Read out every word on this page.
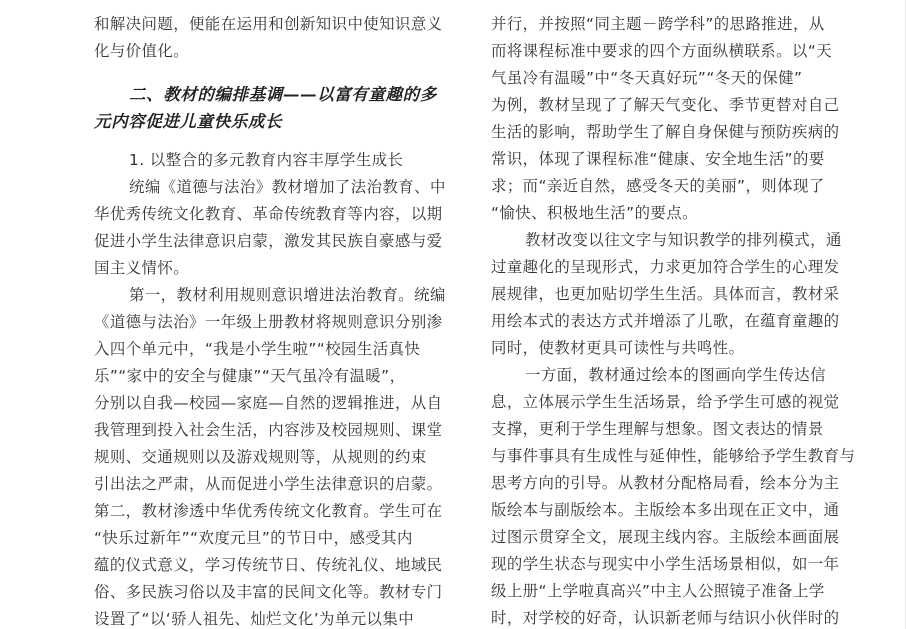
和解决问题，便能在运用和创新知识中使知识意义
化与价值化。
二、教材的编排基调——以富有童趣的多
元内容促进儿童快乐成长
1. 以整合的多元教育内容丰厚学生成长
统编《道德与法治》教材增加了法治教育、中
华优秀传统文化教育、革命传统教育等内容，以期
促进小学生法律意识启蒙，激发其民族自豪感与爱
国主义情怀。
第一，教材利用规则意识增进法治教育。统编
《道德与法治》一年级上册教材将规则意识分别渗
入四个单元中，“我是小学生啦”“校园生活真快
乐”“家中的安全与健康”“天气虽冷有温暖”，
分别以自我—校园—家庭—自然的逻辑推进，从自
我管理到投入社会生活，内容涉及校园规则、课堂
规则、交通规则以及游戏规则等，从规则的约束
引出法之严肃，从而促进小学生法律意识的启蒙。
第二，教材渗透中华优秀传统文化教育。学生可在
“快乐过新年”“欢度元旦”的节日中，感受其内
蕴的仪式意义，学习传统节日、传统礼仪、地域民
俗、多民族习俗以及丰富的民间文化等。教材专门
设置了“以‘骄人祖先、灿烂文化’为单元以集中
并行，并按照“同主题－跨学科”的思路推进，从
而将课程标准中要求的四个方面纵横联系。以“天
气虽冷有温暖”中“冬天真好玩”“冬天的保健”
为例，教材呈现了了解天气变化、季节更替对自己
生活的影响，帮助学生了解自身保健与预防疾病的
常识，体现了课程标准“健康、安全地生活”的要
求；而“亲近自然，感受冬天的美丽”，则体现了
“愉快、积极地生活”的要点。
教材改变以往文字与知识教学的排列模式，通
过童趣化的呈现形式，力求更加符合学生的心理发
展规律，也更加贴切学生生活。具体而言，教材采
用绘本式的表达方式并增添了儿歌，在蕴育童趣的
同时，使教材更具可读性与共鸣性。
一方面，教材通过绘本的图画向学生传达信
息，立体展示学生生活场景，给予学生可感的视觉
支撑，更利于学生理解与想象。图文表达的情景
与事件事具有生成性与延伸性，能够给予学生教育与
思考方向的引导。从教材分配格局看，绘本分为主
版绘本与副版绘本。主版绘本多出现在正文中，通
过图示贯穿全文，展现主线内容。主版绘本画面展
现的学生状态与现实中小学生活场景相似，如一年
级上册“上学啦真高兴”中主人公照镜子准备上学
时，对学校的好奇，认识新老师与结识小伙伴时的
